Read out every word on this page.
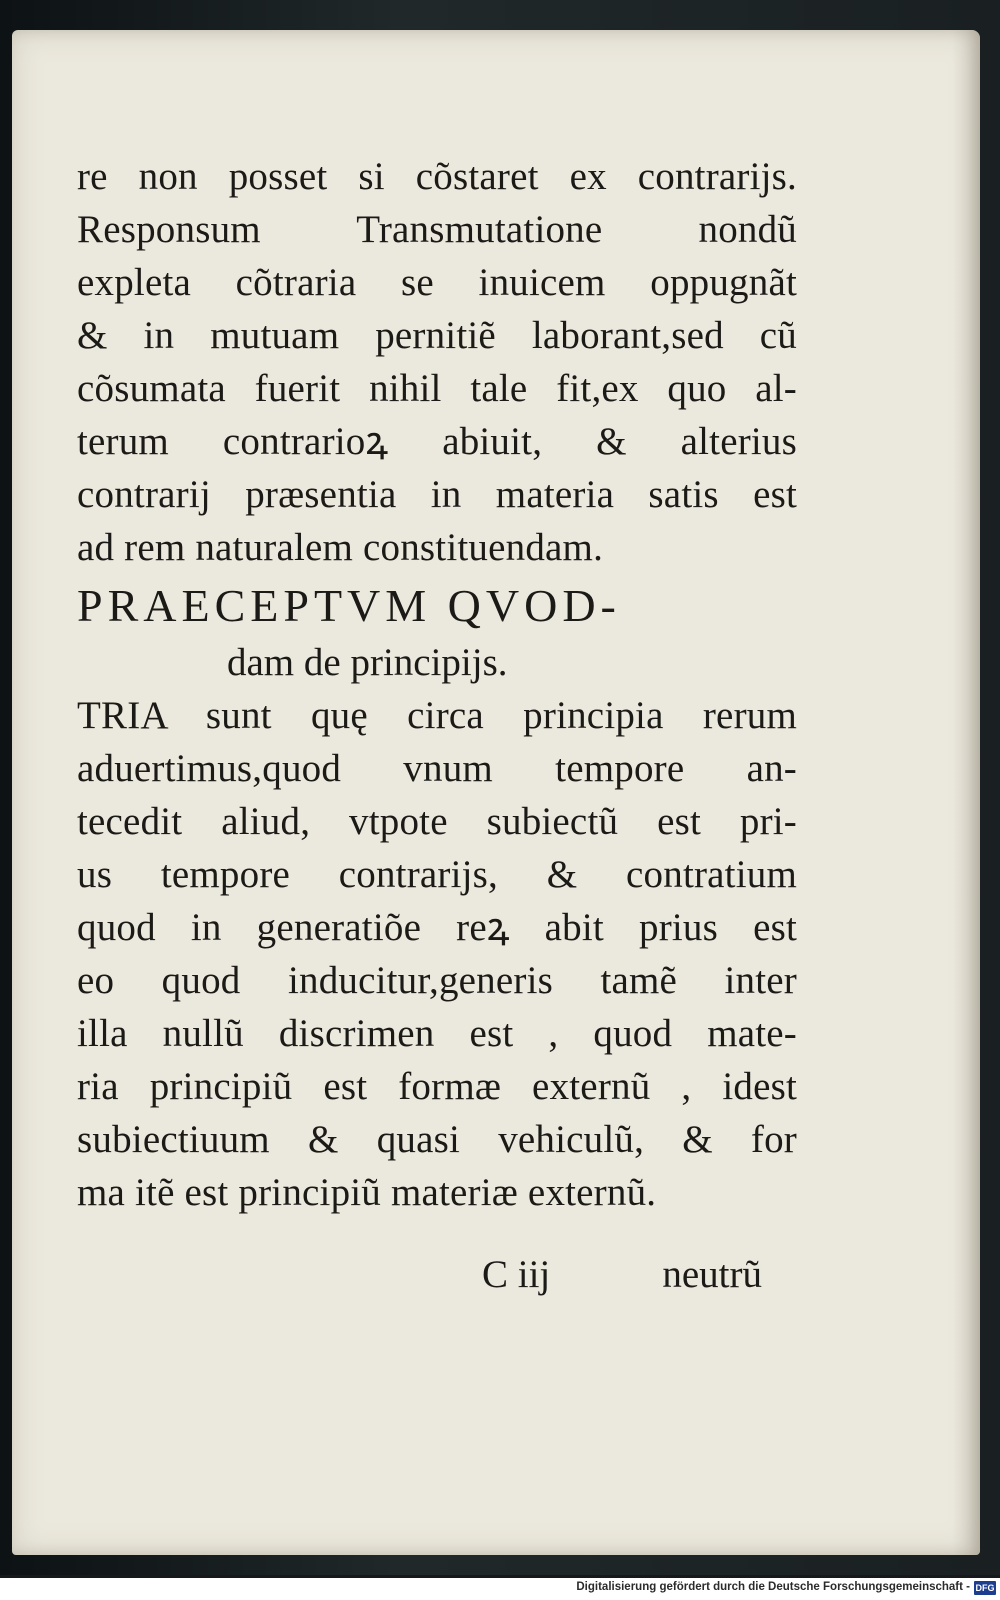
re non posset si cõstaret ex contrarijs.
Responsum Transmutatione nondũ
expleta cõtraria se inuicem oppugnãt
& in mutuam pernitiẽ laborant,sed cũ
cõsumata fuerit nihil tale fit,ex quo al-
terum contrarioꝝ abiuit, & alterius
contrarij præsentia in materia satis est
ad rem naturalem constituendam.
PRAECEPTVM QVOD-
dam de principijs.
TRIA sunt quę circa principia rerum
aduertimus,quod vnum tempore an-
tecedit aliud, vtpote subiectũ est pri-
us tempore contrarijs, & contratium
quod in generatiõe reꝝ abit prius est
eo quod inducitur,generis tamẽ inter
illa nullũ discrimen est , quod mate-
ria principiũ est formæ externũ , idest
subiectiuum & quasi vehiculũ, & for
ma itẽ est principiũ materiæ externũ.
C iij	neutrũ
Digitalisierung gefördert durch die Deutsche Forschungsgemeinschaft - DFG
